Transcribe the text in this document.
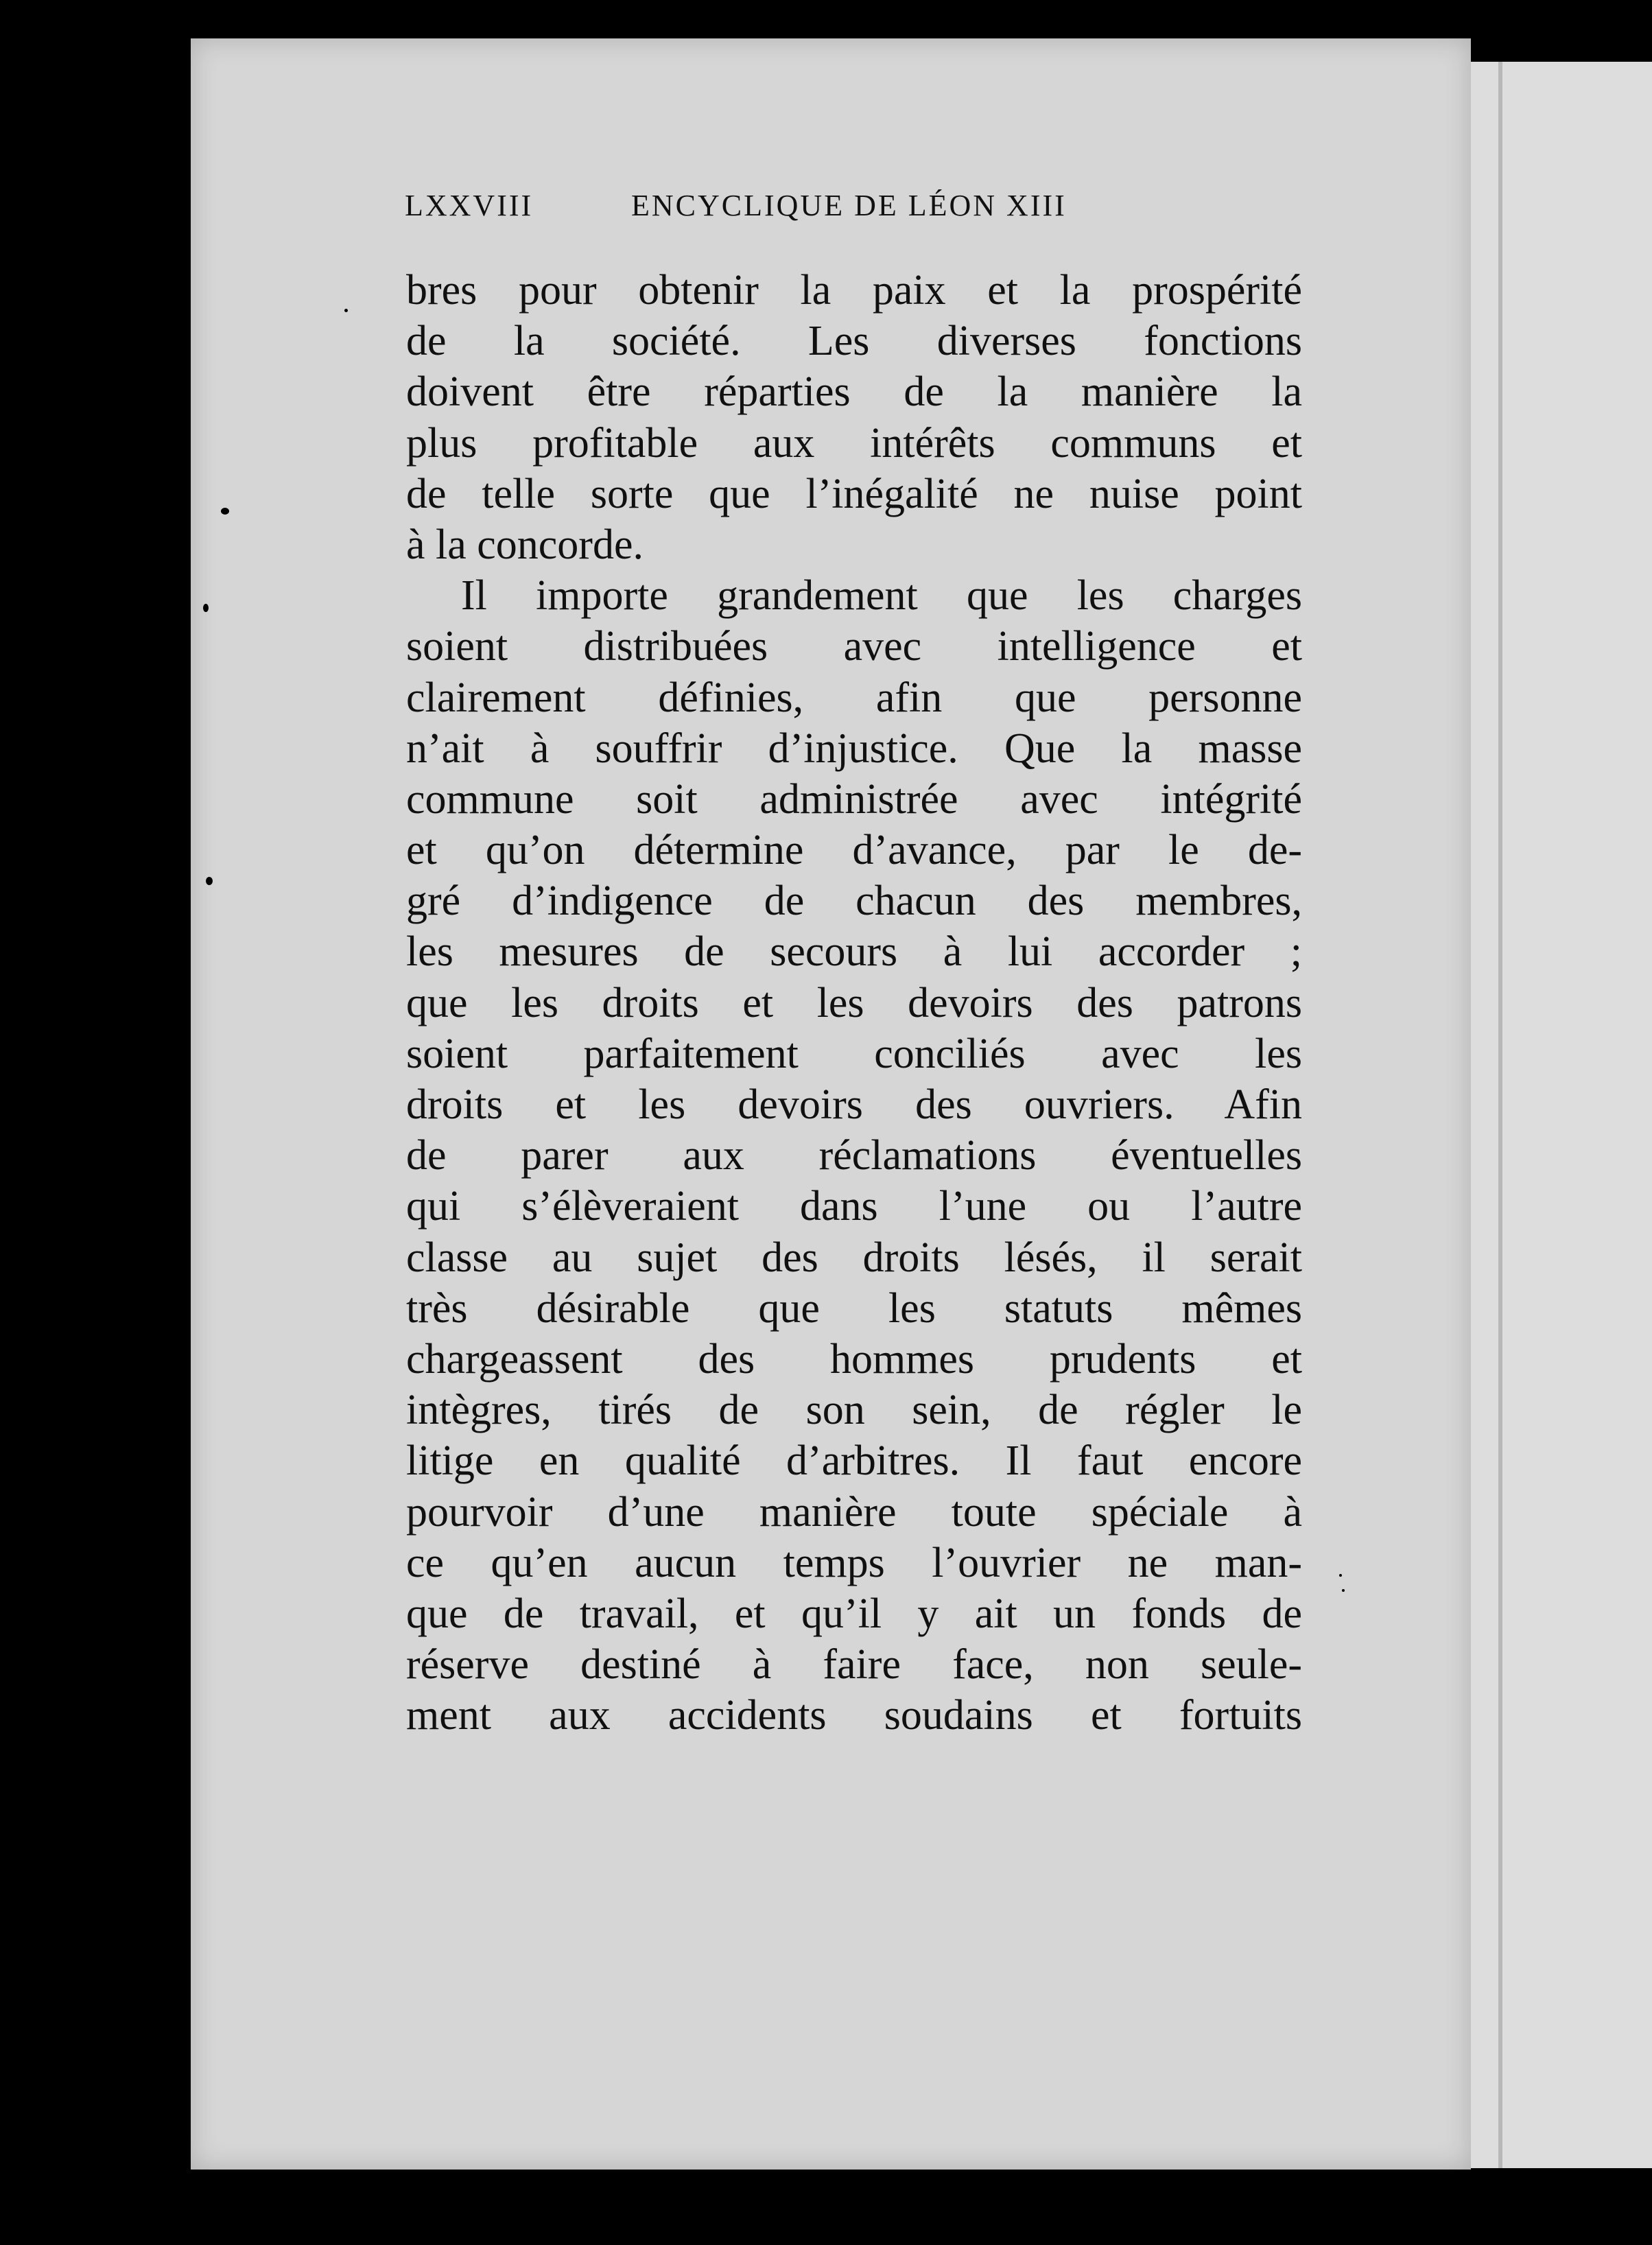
LXXVIII	ENCYCLIQUE DE LÉON XIII
bres pour obtenir la paix et la prospérité
de la société. Les diverses fonctions
doivent être réparties de la manière la
plus profitable aux intérêts communs et
de telle sorte que l’inégalité ne nuise point
à la concorde.
Il importe grandement que les charges
soient distribuées avec intelligence et
clairement définies, afin que personne
n’ait à souffrir d’injustice. Que la masse
commune soit administrée avec intégrité
et qu’on détermine d’avance, par le de-
gré d’indigence de chacun des membres,
les mesures de secours à lui accorder ;
que les droits et les devoirs des patrons
soient parfaitement conciliés avec les
droits et les devoirs des ouvriers. Afin
de parer aux réclamations éventuelles
qui s’élèveraient dans l’une ou l’autre
classe au sujet des droits lésés, il serait
très désirable que les statuts mêmes
chargeassent des hommes prudents et
intègres, tirés de son sein, de régler le
litige en qualité d’arbitres. Il faut encore
pourvoir d’une manière toute spéciale à
ce qu’en aucun temps l’ouvrier ne man-
que de travail, et qu’il y ait un fonds de
réserve destiné à faire face, non seule-
ment aux accidents soudains et fortuits
